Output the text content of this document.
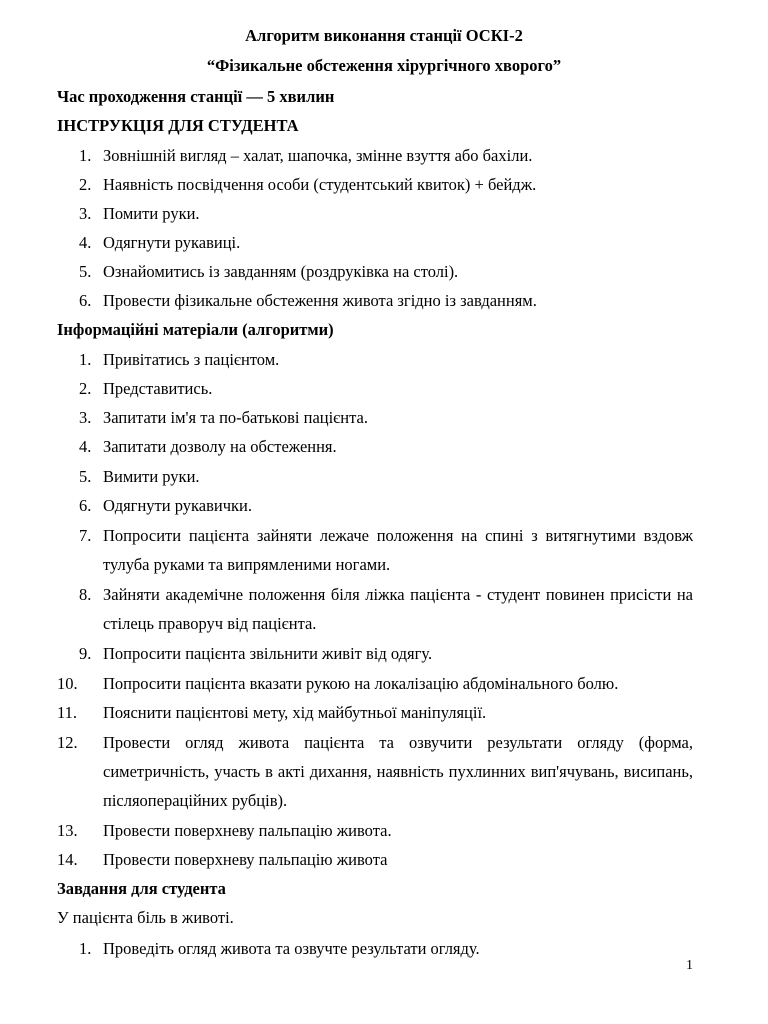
Алгоритм виконання станції ОСКІ-2
“Фізикальне обстеження хірургічного хворого”
Час проходження станції — 5 хвилин
ІНСТРУКЦІЯ ДЛЯ СТУДЕНТА
1. Зовнішній вигляд – халат, шапочка, змінне взуття або бахіли.
2. Наявність посвідчення особи (студентський квиток) + бейдж.
3. Помити руки.
4. Одягнути рукавиці.
5. Ознайомитись із завданням (роздруківка на столі).
6. Провести фізикальне обстеження живота згідно із завданням.
Інформаційні матеріали (алгоритми)
1. Привітатись з пацієнтом.
2. Представитись.
3. Запитати ім'я та по-батькові пацієнта.
4. Запитати дозволу на обстеження.
5. Вимити руки.
6. Одягнути рукавички.
7. Попросити пацієнта зайняти лежаче положення на спині з витягнутими вздовж тулуба руками та випрямленими ногами.
8. Зайняти академічне положення біля ліжка пацієнта - студент повинен присісти на стілець праворуч від пацієнта.
9. Попросити пацієнта звільнити живіт від одягу.
10. Попросити пацієнта вказати рукою на локалізацію абдомінального болю.
11. Пояснити пацієнтові мету, хід майбутньої маніпуляції.
12. Провести огляд живота пацієнта та озвучити результати огляду (форма, симетричність, участь в акті дихання, наявність пухлинних вип'ячувань, висипань, післяопераційних рубців).
13. Провести поверхневу пальпацію живота.
14. Провести поверхневу пальпацію живота
Завдання для студента
У пацієнта біль в животі.
1. Проведіть огляд живота та озвучте результати огляду.
1
